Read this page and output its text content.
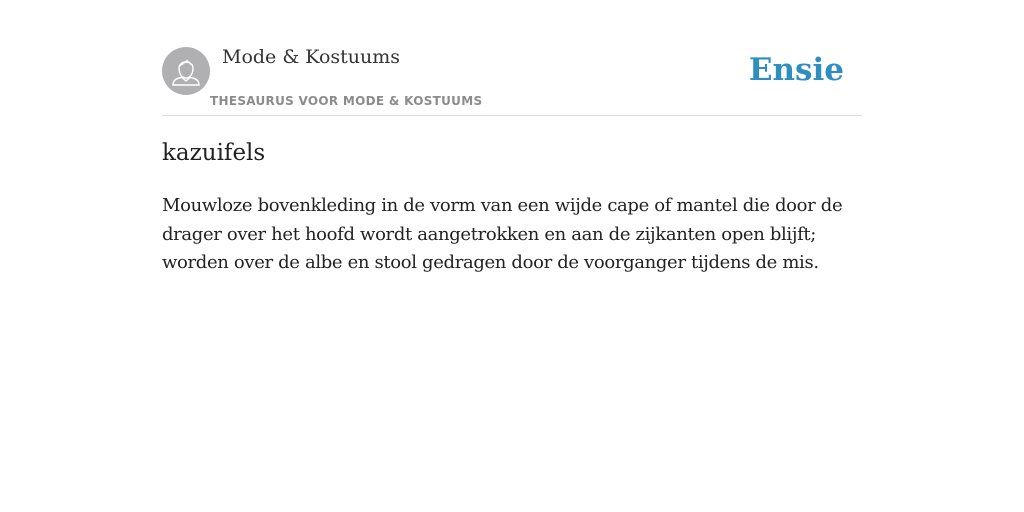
Mode & Kostuums
THESAURUS VOOR MODE & KOSTUUMS
Ensie
kazuifels

Mouwloze bovenkleding in de vorm van een wijde cape of mantel die door de drager over het hoofd wordt aangetrokken en aan de zijkanten open blijft; worden over de albe en stool gedragen door de voorganger tijdens de mis.
